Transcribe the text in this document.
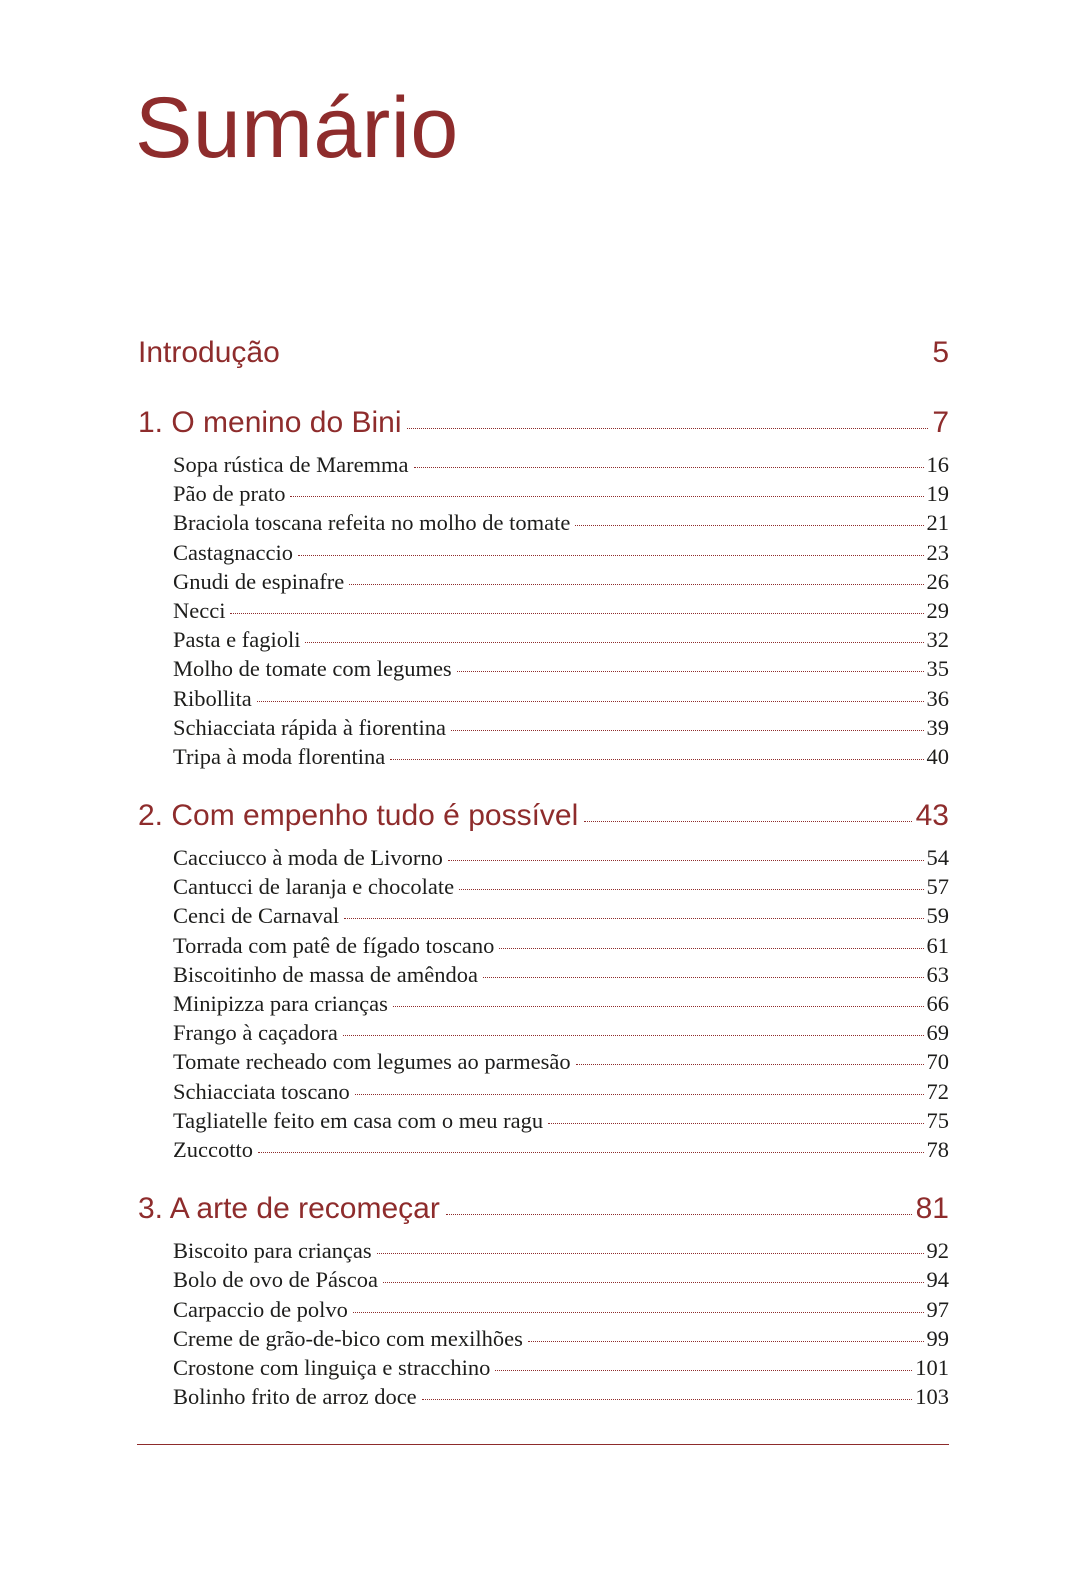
Sumário
Introdução	5
1. O menino do Bini	7
Sopa rústica de Maremma	16
Pão de prato	19
Braciola toscana refeita no molho de tomate	21
Castagnaccio	23
Gnudi de espinafre	26
Necci	29
Pasta e fagioli	32
Molho de tomate com legumes	35
Ribollita	36
Schiacciata rápida à fiorentina	39
Tripa à moda florentina	40
2. Com empenho tudo é possível	43
Cacciucco à moda de Livorno	54
Cantucci de laranja e chocolate	57
Cenci de Carnaval	59
Torrada com patê de fígado toscano	61
Biscoitinho de massa de amêndoa	63
Minipizza para crianças	66
Frango à caçadora	69
Tomate recheado com legumes ao parmesão	70
Schiacciata toscano	72
Tagliatelle feito em casa com o meu ragu	75
Zuccotto	78
3. A arte de recomeçar	81
Biscoito para crianças	92
Bolo de ovo de Páscoa	94
Carpaccio de polvo	97
Creme de grão-de-bico com mexilhões	99
Crostone com linguiça e stracchino	101
Bolinho frito de arroz doce	103
